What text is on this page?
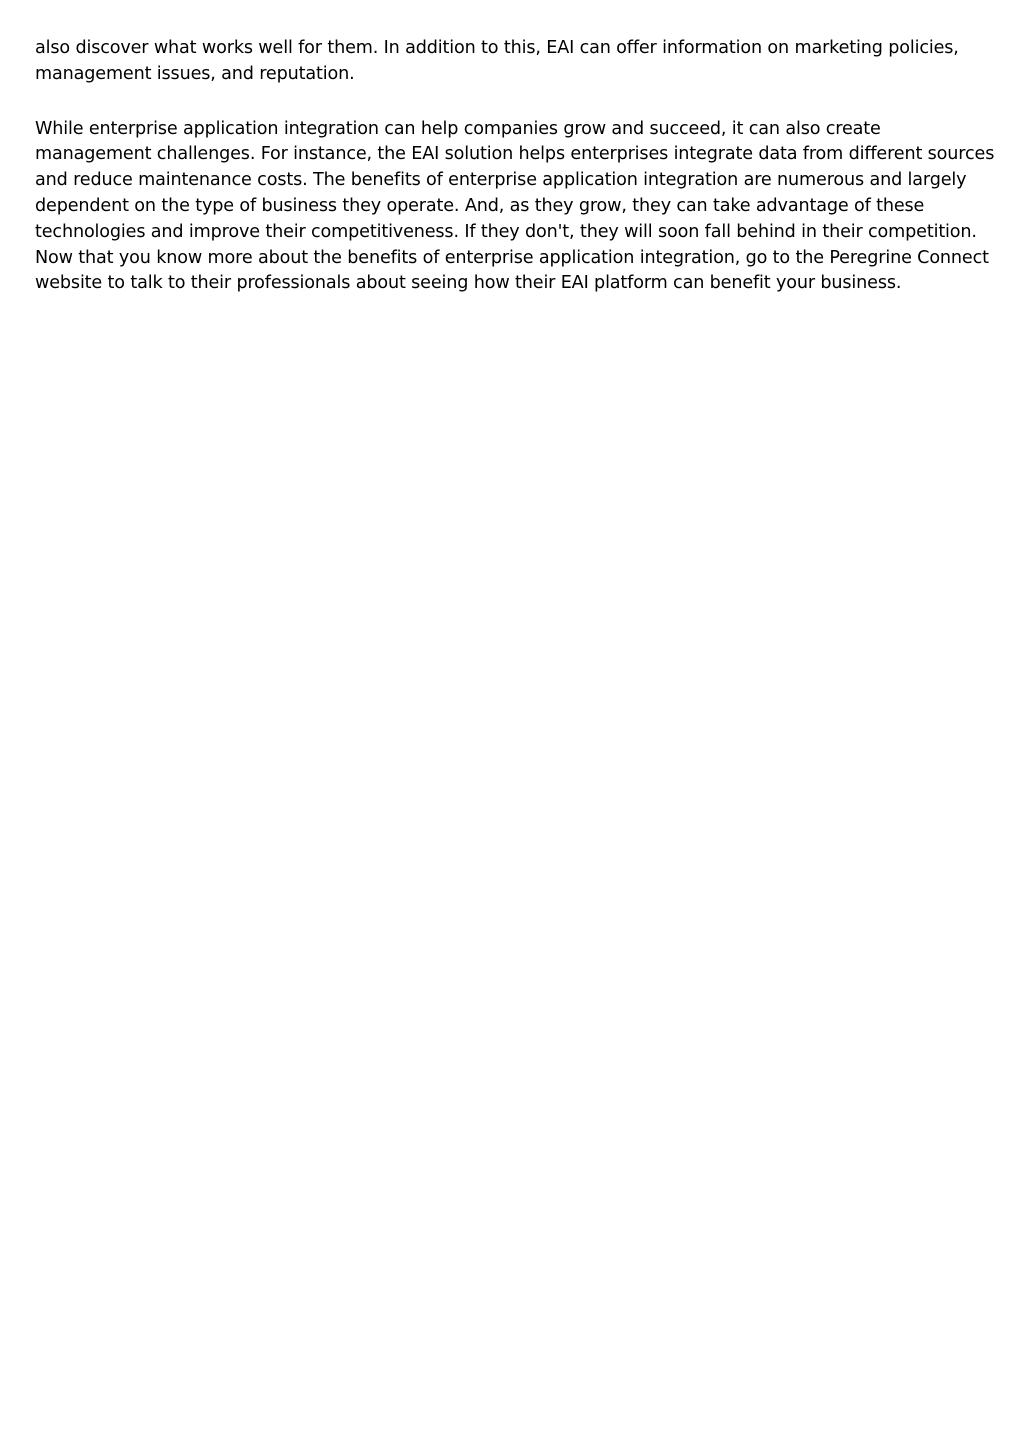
also discover what works well for them. In addition to this, EAI can offer information on marketing policies, management issues, and reputation.

While enterprise application integration can help companies grow and succeed, it can also create management challenges. For instance, the EAI solution helps enterprises integrate data from different sources and reduce maintenance costs. The benefits of enterprise application integration are numerous and largely dependent on the type of business they operate. And, as they grow, they can take advantage of these technologies and improve their competitiveness. If they don't, they will soon fall behind in their competition. Now that you know more about the benefits of enterprise application integration, go to the Peregrine Connect website to talk to their professionals about seeing how their EAI platform can benefit your business.
